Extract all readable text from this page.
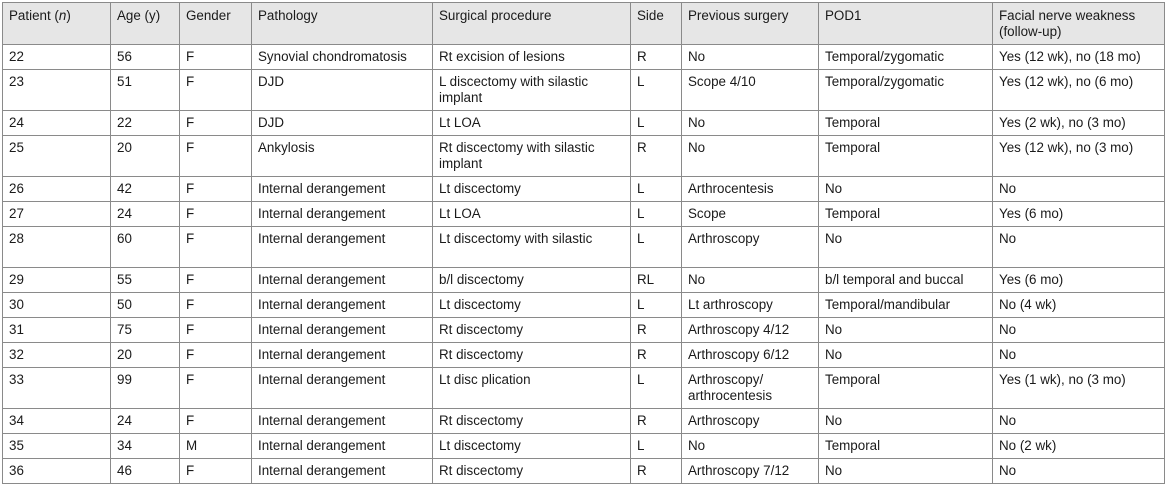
Patient (n)	Age (y)	Gender	Pathology	Surgical procedure	Side	Previous surgery	POD1	Facial nerve weakness (follow-up)
22	56	F	Synovial chondromatosis	Rt excision of lesions	R	No	Temporal/zygomatic	Yes (12 wk), no (18 mo)
23	51	F	DJD	L discectomy with silastic implant	L	Scope 4/10	Temporal/zygomatic	Yes (12 wk), no (6 mo)
24	22	F	DJD	Lt LOA	L	No	Temporal	Yes (2 wk), no (3 mo)
25	20	F	Ankylosis	Rt discectomy with silastic implant	R	No	Temporal	Yes (12 wk), no (3 mo)
26	42	F	Internal derangement	Lt discectomy	L	Arthrocentesis	No	No
27	24	F	Internal derangement	Lt LOA	L	Scope	Temporal	Yes (6 mo)
28	60	F	Internal derangement	Lt discectomy with silastic	L	Arthroscopy	No	No
29	55	F	Internal derangement	b/l discectomy	RL	No	b/l temporal and buccal	Yes (6 mo)
30	50	F	Internal derangement	Lt discectomy	L	Lt arthroscopy	Temporal/mandibular	No (4 wk)
31	75	F	Internal derangement	Rt discectomy	R	Arthroscopy 4/12	No	No
32	20	F	Internal derangement	Rt discectomy	R	Arthroscopy 6/12	No	No
33	99	F	Internal derangement	Lt disc plication	L	Arthroscopy/ arthrocentesis	Temporal	Yes (1 wk), no (3 mo)
34	24	F	Internal derangement	Rt discectomy	R	Arthroscopy	No	No
35	34	M	Internal derangement	Lt discectomy	L	No	Temporal	No (2 wk)
36	46	F	Internal derangement	Rt discectomy	R	Arthroscopy 7/12	No	No
